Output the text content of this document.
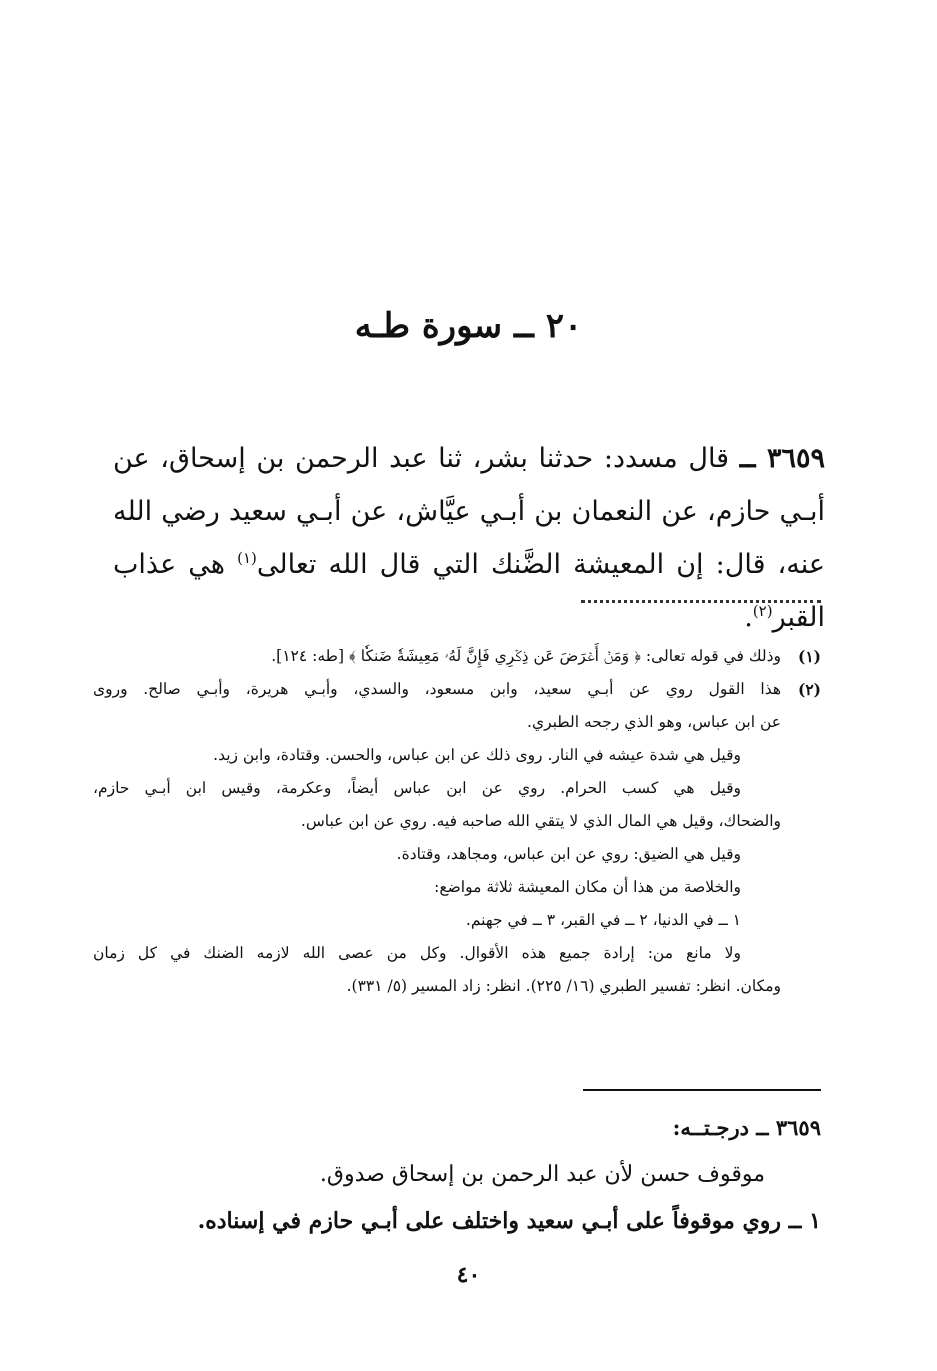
٢٠ ــ سورة طـه

٣٦٥٩ ــ قال مسدد: حدثنا بشر، ثنا عبد الرحمن بن إسحاق، عن أبـي حازم، عن النعمان بن أبـي عيَّاش، عن أبـي سعيد رضي الله عنه، قال: إن المعيشة الضَّنك التي قال الله تعالى$^{(١)}$ هي عذاب القبر$^{(٢)}$.

(١)
وذلك في قوله تعالى: ﴿ وَمَنۡ أَعۡرَضَ عَن ذِكۡرِي فَإِنَّ لَهُۥ مَعِيشَةٗ ضَنكٗا ﴾ [طه: ١٢٤].
(٢)
هذا القول روي عن أبـي سعيد، وابن مسعود، والسدي، وأبـي هريرة، وأبـي صالح. وروى
عن ابن عباس، وهو الذي رجحه الطبري.
وقيل هي شدة عيشه في النار. روى ذلك عن ابن عباس، والحسن. وقتادة، وابن زيد.
وقيل هي كسب الحرام. روي عن ابن عباس أيضاً، وعكرمة، وقيس ابن أبـي حازم،
والضحاك، وقيل هي المال الذي لا يتقي الله صاحبه فيه. روي عن ابن عباس.
وقيل هي الضيق: روي عن ابن عباس، ومجاهد، وقتادة.
والخلاصة من هذا أن مكان المعيشة ثلاثة مواضع:
١ ــ في الدنيا، ٢ ــ في القبر، ٣ ــ في جهنم.
ولا مانع من: إرادة جميع هذه الأقوال. وكل من عصى الله لازمه الضنك في كل زمان
ومكان. انظر: تفسير الطبري (١٦/ ٢٢٥). انظر: زاد المسير (٥/ ٣٣١).
٣٦٥٩ ــ درجـتــه:
موقوف حسن لأن عبد الرحمن بن إسحاق صدوق.
١ ــ روي موقوفاً على أبـي سعيد واختلف على أبـي حازم في إسناده.
٤٠
